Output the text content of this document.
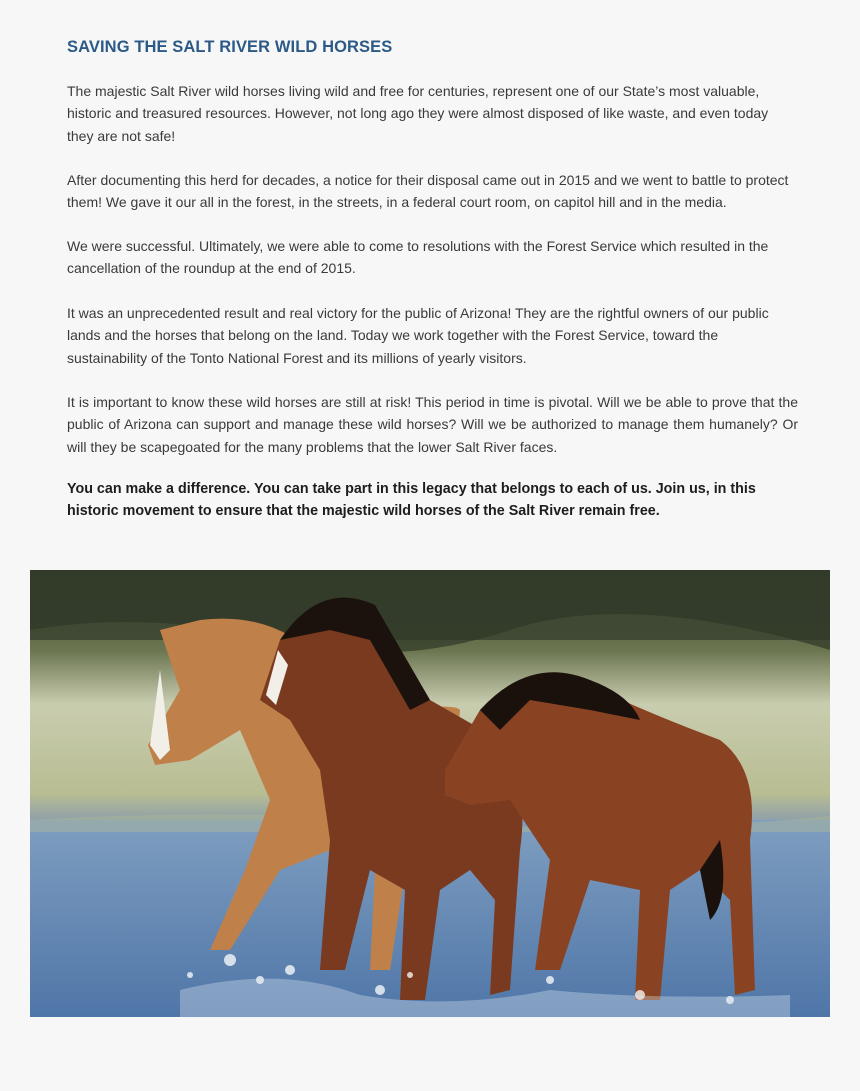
SAVING THE SALT RIVER WILD HORSES

The majestic Salt River wild horses living wild and free for centuries, represent one of our State’s most valuable, historic and treasured resources. However, not long ago they were almost disposed of like waste, and even today they are not safe!

After documenting this herd for decades, a notice for their disposal came out in 2015 and we went to battle to protect them! We gave it our all in the forest, in the streets, in a federal court room, on capitol hill and in the media.

We were successful. Ultimately, we were able to come to resolutions with the Forest Service which resulted in the cancellation of the roundup at the end of 2015.

It was an unprecedented result and real victory for the public of Arizona! They are the rightful owners of our public lands and the horses that belong on the land. Today we work together with the Forest Service, toward the sustainability of the Tonto National Forest and its millions of yearly visitors.

It is important to know these wild horses are still at risk! This period in time is pivotal. Will we be able to prove that the public of Arizona can support and manage these wild horses? Will we be authorized to manage them humanely? Or will they be scapegoated for the many problems that the lower Salt River faces.

You can make a difference. You can take part in this legacy that belongs to each of us. Join us, in this historic movement to ensure that the majestic wild horses of the Salt River remain free.
